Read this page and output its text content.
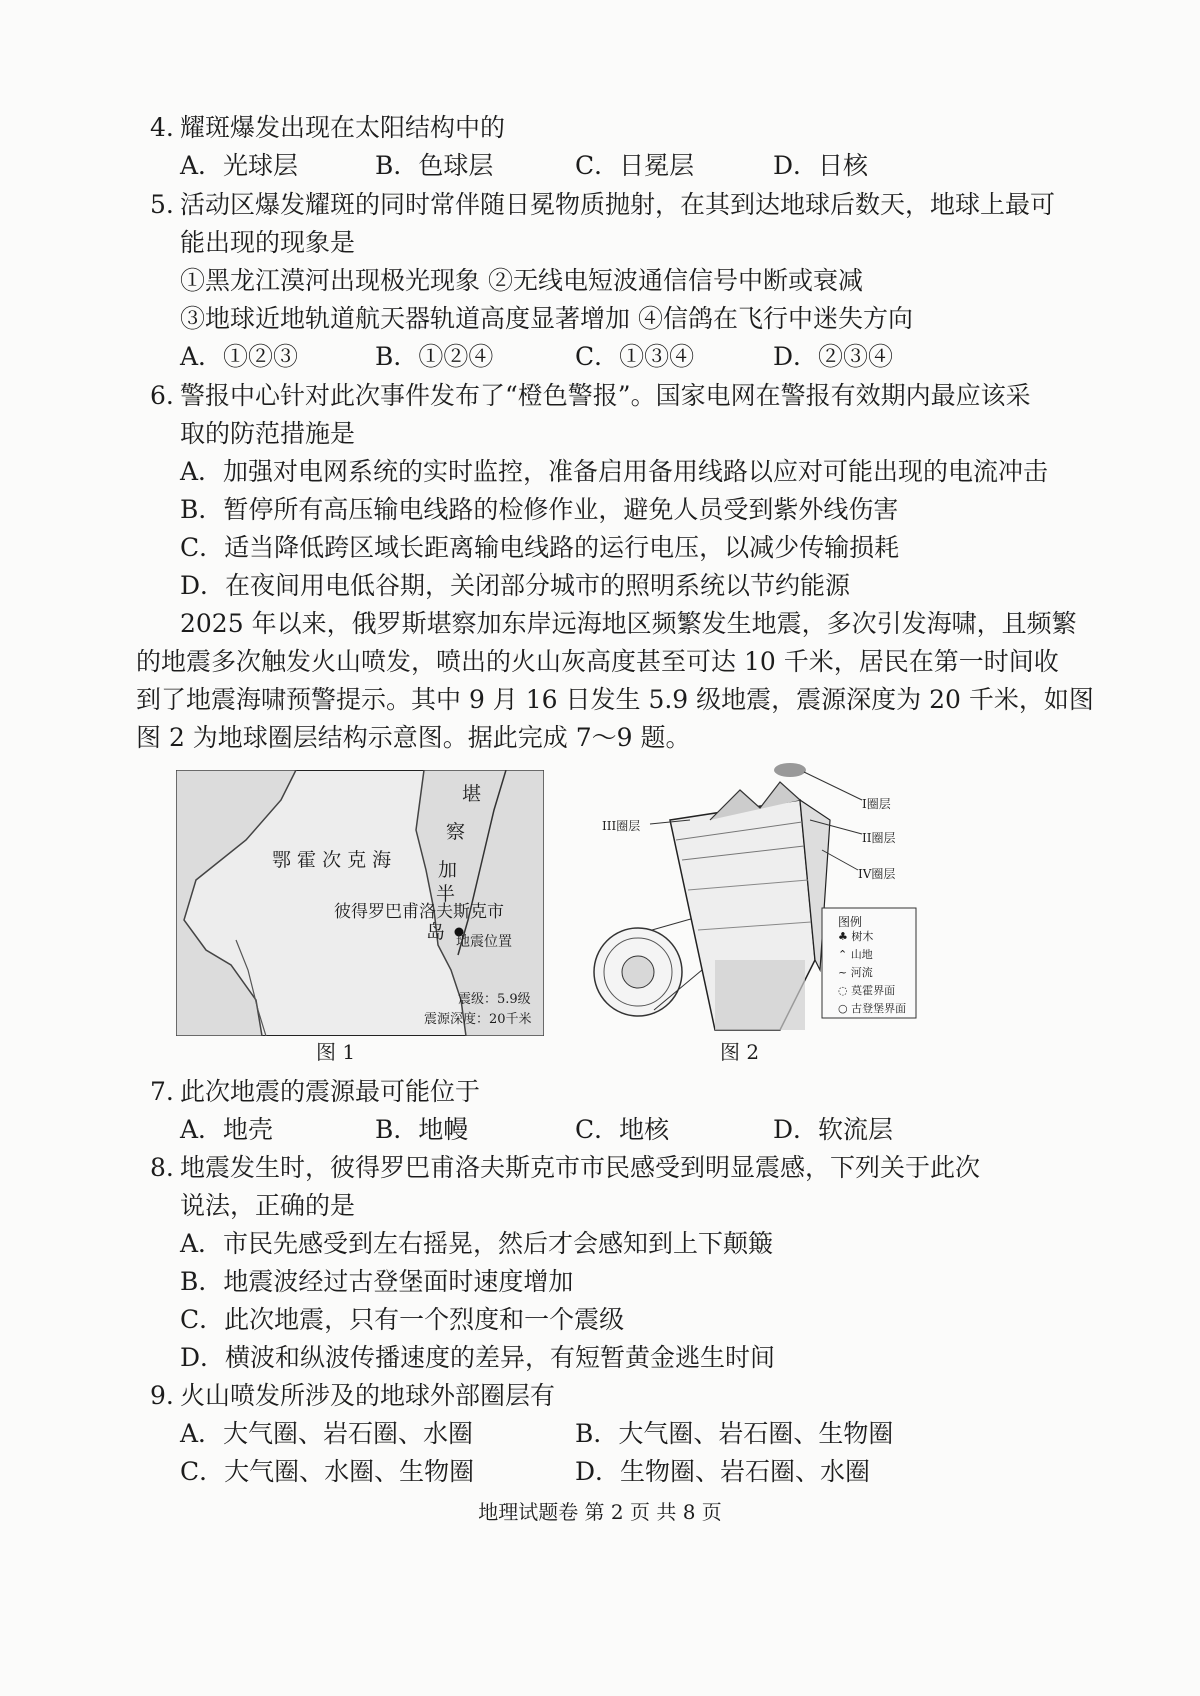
4. 耀斑爆发出现在太阳结构中的
A．光球层	B．色球层	C．日冕层	D．日核
5. 活动区爆发耀斑的同时常伴随日冕物质抛射，在其到达地球后数天，地球上最可
能出现的现象是
①黑龙江漠河出现极光现象 ②无线电短波通信信号中断或衰减
③地球近地轨道航天器轨道高度显著增加 ④信鸽在飞行中迷失方向
A．①②③	B．①②④	C．①③④	D．②③④
6. 警报中心针对此次事件发布了“橙色警报”。国家电网在警报有效期内最应该采
取的防范措施是
A．加强对电网系统的实时监控，准备启用备用线路以应对可能出现的电流冲击
B．暂停所有高压输电线路的检修作业，避免人员受到紫外线伤害
C．适当降低跨区域长距离输电线路的运行电压，以减少传输损耗
D．在夜间用电低谷期，关闭部分城市的照明系统以节约能源
2025 年以来，俄罗斯堪察加东岸远海地区频繁发生地震，多次引发海啸，且频繁
的地震多次触发火山喷发，喷出的火山灰高度甚至可达 10 千米，居民在第一时间收
到了地震海啸预警提示。其中 9 月 16 日发生 5.9 级地震，震源深度为 20 千米，如图
图 2 为地球圈层结构示意图。据此完成 7～9 题。
鄂 霍 次 克 海
堪
察
加
半
岛
彼得罗巴甫洛夫斯克市
地震位置
震级：5.9级
震源深度：20千米
图 1
I圈层
II圈层
III圈层
IV圈层
图例
♣ 树木
⌃ 山地
~ 河流
◌ 莫霍界面
○ 古登堡界面
图 2
7. 此次地震的震源最可能位于
A．地壳	B．地幔	C．地核	D．软流层
8. 地震发生时，彼得罗巴甫洛夫斯克市市民感受到明显震感，下列关于此次
说法，正确的是
A．市民先感受到左右摇晃，然后才会感知到上下颠簸
B．地震波经过古登堡面时速度增加
C．此次地震，只有一个烈度和一个震级
D．横波和纵波传播速度的差异，有短暂黄金逃生时间
9. 火山喷发所涉及的地球外部圈层有
A．大气圈、岩石圈、水圈	B．大气圈、岩石圈、生物圈
C．大气圈、水圈、生物圈	D．生物圈、岩石圈、水圈
地理试题卷 第 2 页 共 8 页
